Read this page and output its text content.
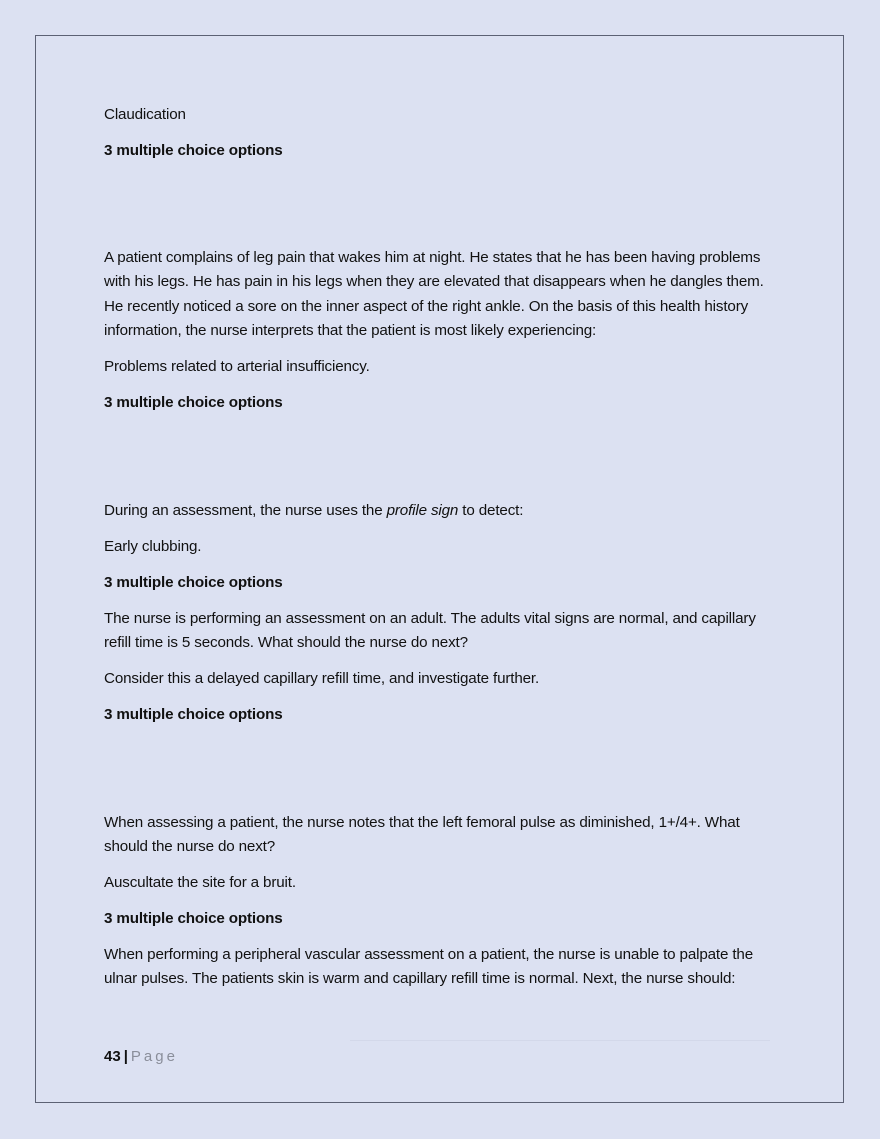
Claudication
3 multiple choice options
A patient complains of leg pain that wakes him at night. He states that he has been having problems with his legs. He has pain in his legs when they are elevated that disappears when he dangles them. He recently noticed a sore on the inner aspect of the right ankle. On the basis of this health history information, the nurse interprets that the patient is most likely experiencing:
Problems related to arterial insufficiency.
3 multiple choice options
During an assessment, the nurse uses the profile sign to detect:
Early clubbing.
3 multiple choice options
The nurse is performing an assessment on an adult. The adults vital signs are normal, and capillary refill time is 5 seconds. What should the nurse do next?
Consider this a delayed capillary refill time, and investigate further.
3 multiple choice options
When assessing a patient, the nurse notes that the left femoral pulse as diminished, 1+/4+. What should the nurse do next?
Auscultate the site for a bruit.
3 multiple choice options
When performing a peripheral vascular assessment on a patient, the nurse is unable to palpate the ulnar pulses. The patients skin is warm and capillary refill time is normal. Next, the nurse should:
43 | Page
